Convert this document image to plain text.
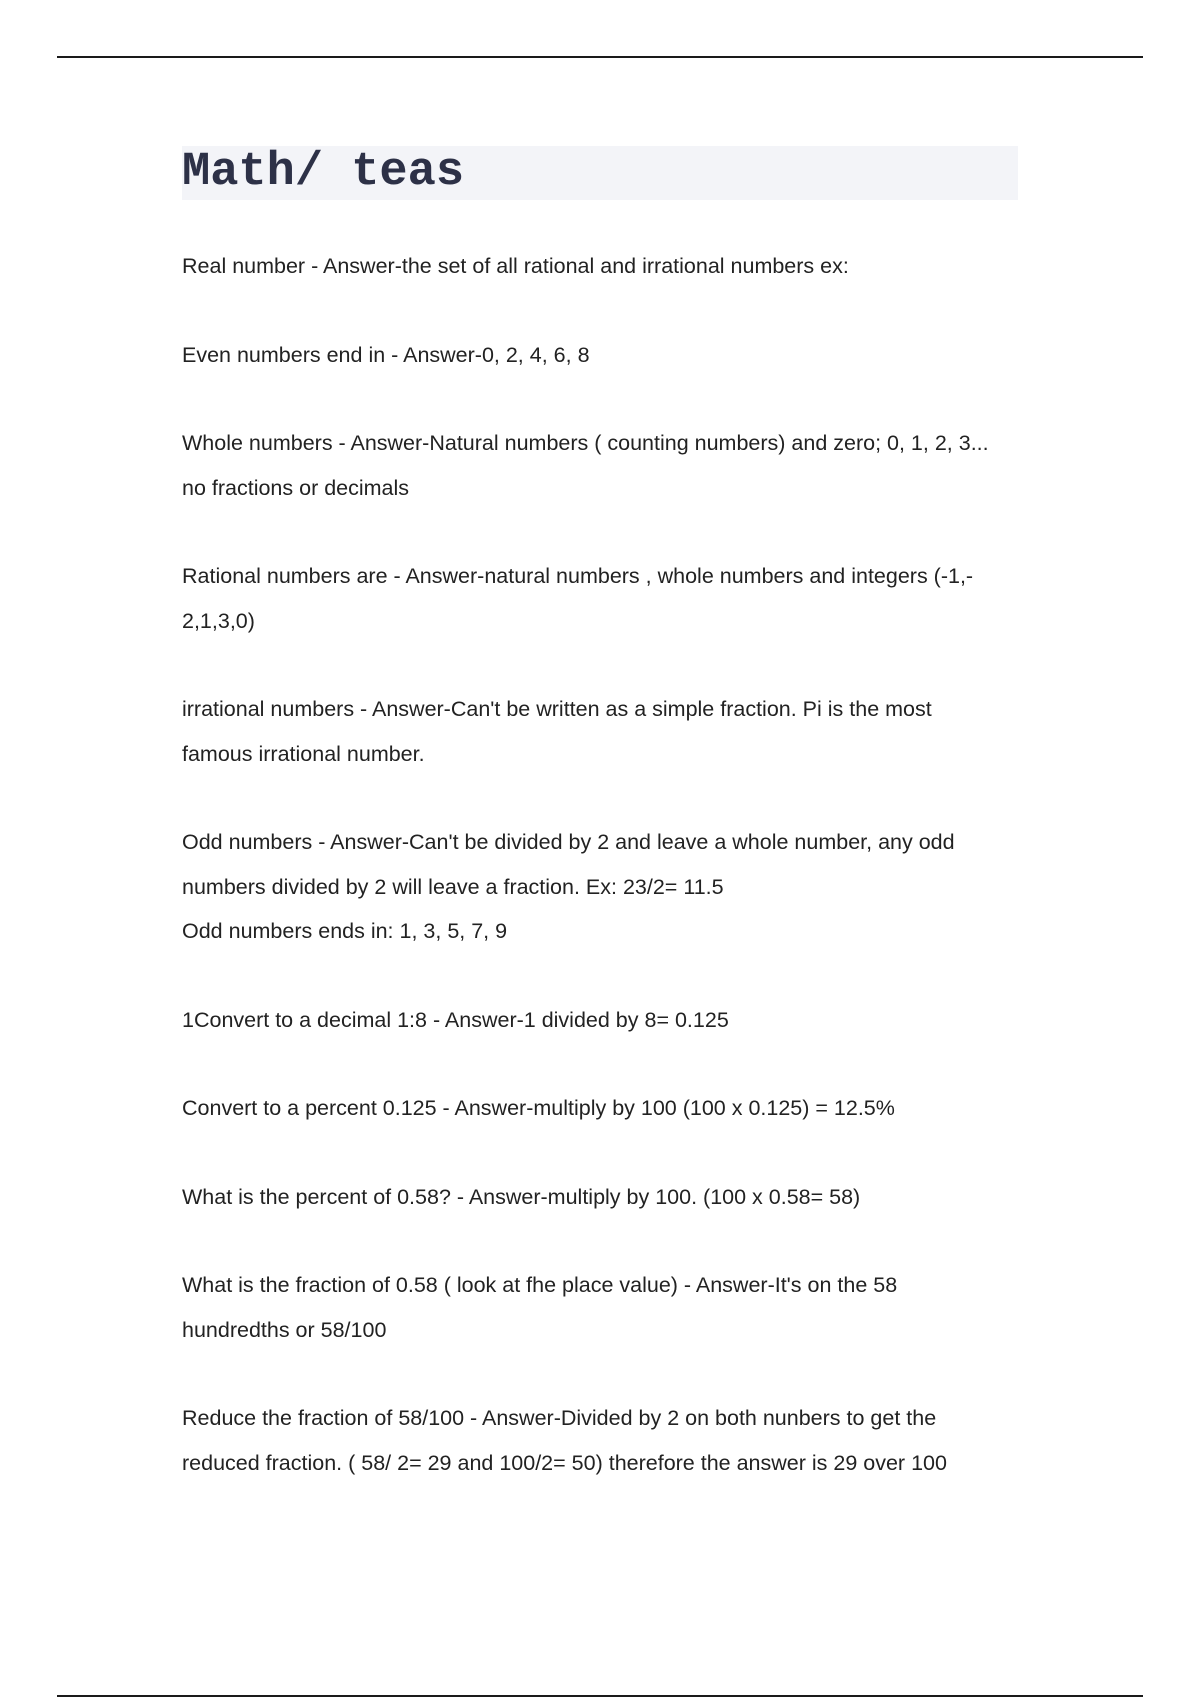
Math/ teas
Real number - Answer-the set of all rational and irrational numbers ex:
Even numbers end in - Answer-0, 2, 4, 6, 8
Whole numbers - Answer-Natural numbers ( counting numbers) and zero; 0, 1, 2, 3...
no fractions or decimals
Rational numbers are - Answer-natural numbers , whole numbers and integers (-1,-
2,1,3,0)
irrational numbers - Answer-Can't be written as a simple fraction. Pi is the most
famous irrational number.
Odd numbers - Answer-Can't be divided by 2 and leave a whole number, any odd
numbers divided by 2 will leave a fraction. Ex: 23/2= 11.5
Odd numbers ends in: 1, 3, 5, 7, 9
1Convert to a decimal 1:8 - Answer-1 divided by 8= 0.125
Convert to a percent 0.125 - Answer-multiply by 100 (100 x 0.125) = 12.5%
What is the percent of 0.58? - Answer-multiply by 100. (100 x 0.58= 58)
What is the fraction of 0.58 ( look at fhe place value) - Answer-It's on the 58
hundredths or 58/100
Reduce the fraction of 58/100 - Answer-Divided by 2 on both nunbers to get the
reduced fraction. ( 58/ 2= 29 and 100/2= 50) therefore the answer is 29 over 100
